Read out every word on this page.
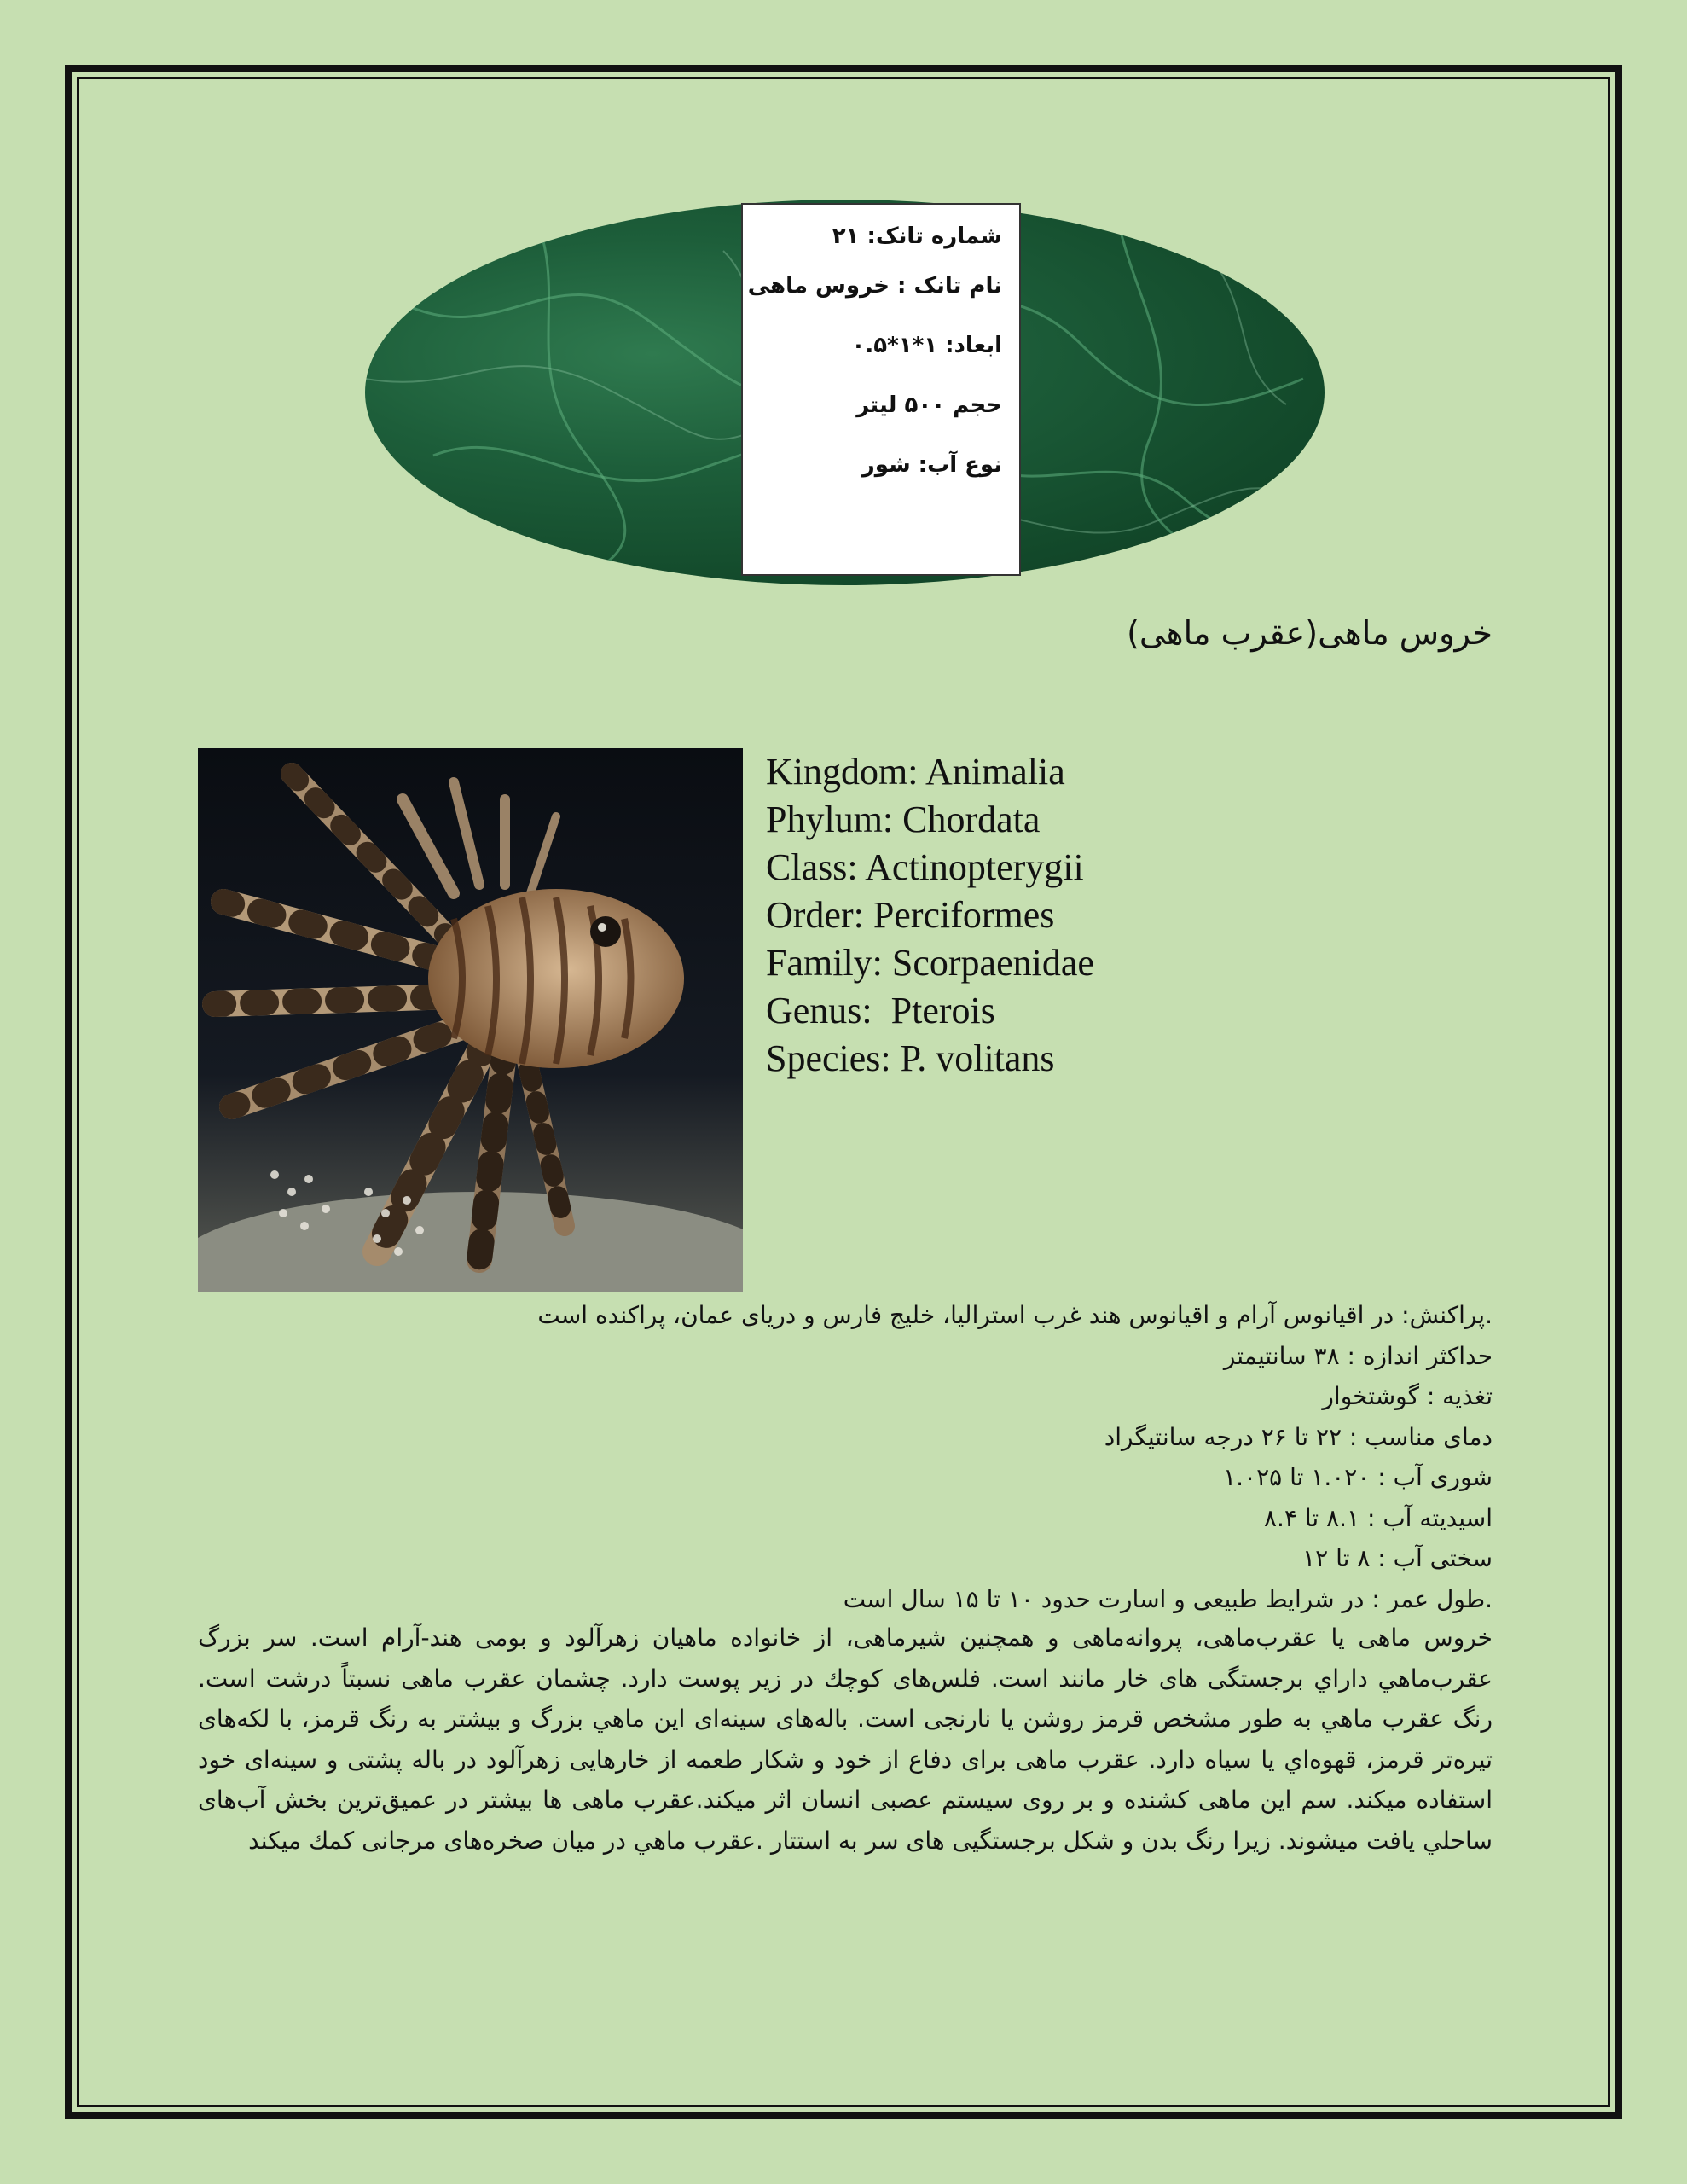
شماره تانک: ۲۱
نام تانک : خروس ماهی
ابعاد: ۱*۱*۰.۵
حجم ۵۰۰ لیتر
نوع آب: شور
خروس ماهی(عقرب ماهی)
Kingdom: Animalia
Phylum: Chordata
Class: Actinopterygii
Order: Perciformes
Family: Scorpaenidae
Genus:  Pterois
Species: P. volitans
.پراکنش: در اقیانوس آرام و اقیانوس هند غرب استرالیا، خلیج فارس و دریای عمان، پراکنده است
حداکثر اندازه : ۳۸ سانتیمتر
تغذیه : گوشتخوار
دمای مناسب : ۲۲ تا ۲۶ درجه سانتیگراد
شوری آب : ۱.۰۲۰ تا ۱.۰۲۵
اسیدیته آب : ۸.۱ تا ۸.۴
سختی آب : ۸ تا ۱۲
.طول عمر : در شرایط طبیعی و اسارت حدود ۱۰ تا ۱۵ سال است
خروس ماهی یا عقرب‌ماهی، پروانه‌ماهی و همچنین شیرماهی، از خانواده ماهیان زهرآلود و بومی هند-آرام است. سر بزرگ عقرب‌ماهي داراي برجستگی های خار مانند است. فلس‌های کوچك در زير پوست دارد. چشمان عقرب ماهی نسبتاً درشت است. رنگ عقرب ماهي به طور مشخص قرمز روشن يا نارنجی است. باله‌های سينه‌ای اين ماهي بزرگ و بيشتر به رنگ قرمز، با لكه‌های تيره‌تر قرمز، قهوه‌اي يا سياه دارد. عقرب ماهی برای دفاع از خود و شکار طعمه از خارهایی زهرآلود در باله پشتی و سینه‌ای خود استفاده میکند. سم این ماهی کشنده و بر روی سیستم عصبی انسان اثر میکند.عقرب ماهی ها بيشتر در عميق‌ترين بخش آب‌های ساحلي يافت ميشوند. زيرا رنگ بدن و شکل برجستگیی های سر به استتار .عقرب ماهي در ميان صخره‌های مرجانی كمك ميكند
